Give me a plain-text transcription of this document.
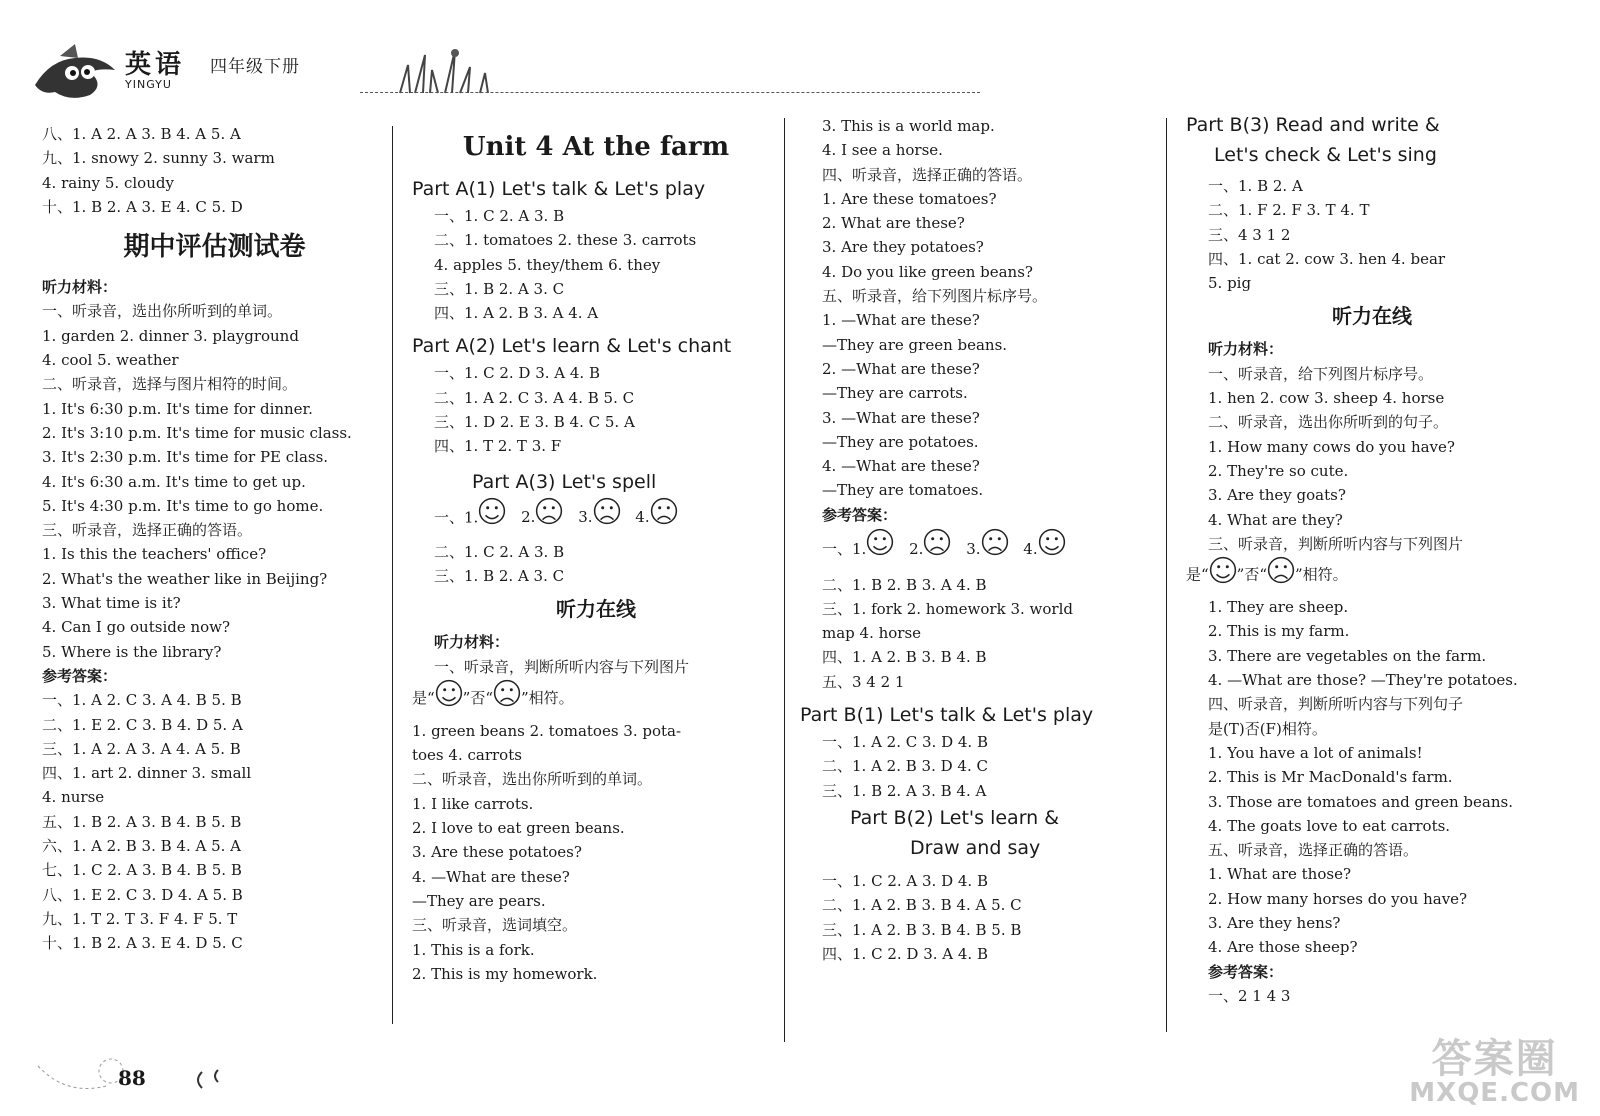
英语
YINGYU
四年级下册
八、1. A 2. A 3. B 4. A 5. A
九、1. snowy 2. sunny 3. warm
4. rainy 5. cloudy
十、1. B 2. A 3. E 4. C 5. D
期中评估测试卷
听力材料：
一、听录音，选出你所听到的单词。
1. garden 2. dinner 3. playground
4. cool 5. weather
二、听录音，选择与图片相符的时间。
1. It's 6:30 p.m. It's time for dinner.
2. It's 3:10 p.m. It's time for music class.
3. It's 2:30 p.m. It's time for PE class.
4. It's 6:30 a.m. It's time to get up.
5. It's 4:30 p.m. It's time to go home.
三、听录音，选择正确的答语。
1. Is this the teachers' office?
2. What's the weather like in Beijing?
3. What time is it?
4. Can I go outside now?
5. Where is the library?
参考答案：
一、1. A 2. C 3. A 4. B 5. B
二、1. E 2. C 3. B 4. D 5. A
三、1. A 2. A 3. A 4. A 5. B
四、1. art 2. dinner 3. small
4. nurse
五、1. B 2. A 3. B 4. B 5. B
六、1. A 2. B 3. B 4. A 5. A
七、1. C 2. A 3. B 4. B 5. B
八、1. E 2. C 3. D 4. A 5. B
九、1. T 2. T 3. F 4. F 5. T
十、1. B 2. A 3. E 4. D 5. C
Unit 4 At the farm
Part A(1) Let's talk & Let's play
一、1. C 2. A 3. B
二、1. tomatoes 2. these 3. carrots
4. apples 5. they/them 6. they
三、1. B 2. A 3. C
四、1. A 2. B 3. A 4. A
Part A(2) Let's learn & Let's chant
一、1. C 2. D 3. A 4. B
二、1. A 2. C 3. A 4. B 5. C
三、1. D 2. E 3. B 4. C 5. A
四、1. T 2. T 3. F
Part A(3) Let's spell
一、1.	2.	3.	4.
二、1. C 2. A 3. B
三、1. B 2. A 3. C
听力在线
听力材料：
一、听录音，判断所听内容与下列图片
是“ ”否“ ”相符。
1. green beans 2. tomatoes 3. pota-
toes 4. carrots
二、听录音，选出你所听到的单词。
1. I like carrots.
2. I love to eat green beans.
3. Are these potatoes?
4. —What are these?
—They are pears.
三、听录音，选词填空。
1. This is a fork.
2. This is my homework.
3. This is a world map.
4. I see a horse.
四、听录音，选择正确的答语。
1. Are these tomatoes?
2. What are these?
3. Are they potatoes?
4. Do you like green beans?
五、听录音，给下列图片标序号。
1. —What are these?
—They are green beans.
2. —What are these?
—They are carrots.
3. —What are these?
—They are potatoes.
4. —What are these?
—They are tomatoes.
参考答案：
一、1.	2.	3.	4.
二、1. B 2. B 3. A 4. B
三、1. fork 2. homework 3. world
map 4. horse
四、1. A 2. B 3. B 4. B
五、3 4 2 1
Part B(1) Let's talk & Let's play
一、1. A 2. C 3. D 4. B
二、1. A 2. B 3. D 4. C
三、1. B 2. A 3. B 4. A
Part B(2) Let's learn &
Draw and say
一、1. C 2. A 3. D 4. B
二、1. A 2. B 3. B 4. A 5. C
三、1. A 2. B 3. B 4. B 5. B
四、1. C 2. D 3. A 4. B
Part B(3) Read and write &
Let's check & Let's sing
一、1. B 2. A
二、1. F 2. F 3. T 4. T
三、4 3 1 2
四、1. cat 2. cow 3. hen 4. bear
5. pig
听力在线
听力材料：
一、听录音，给下列图片标序号。
1. hen 2. cow 3. sheep 4. horse
二、听录音，选出你所听到的句子。
1. How many cows do you have?
2. They're so cute.
3. Are they goats?
4. What are they?
三、听录音，判断所听内容与下列图片
是“ ”否“ ”相符。
1. They are sheep.
2. This is my farm.
3. There are vegetables on the farm.
4. —What are those? —They're potatoes.
四、听录音，判断所听内容与下列句子
是(T)否(F)相符。
1. You have a lot of animals!
2. This is Mr MacDonald's farm.
3. Those are tomatoes and green beans.
4. The goats love to eat carrots.
五、听录音，选择正确的答语。
1. What are those?
2. How many horses do you have?
3. Are they hens?
4. Are those sheep?
参考答案：
一、2 1 4 3
88	答案圈
MXQE.COM
